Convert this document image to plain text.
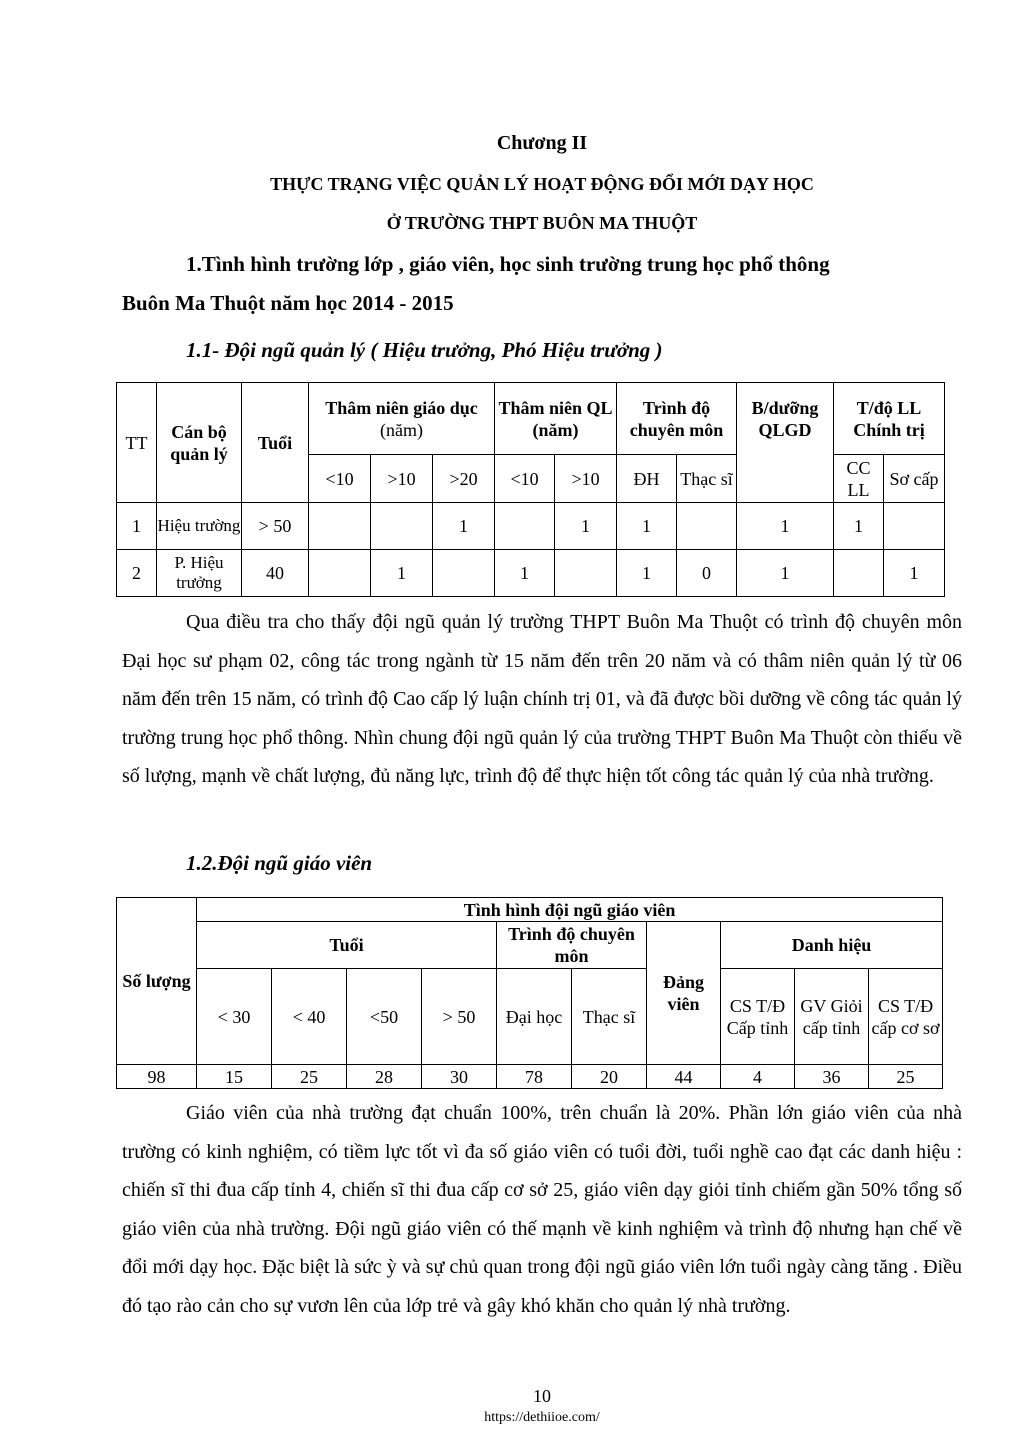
Chương II
THỰC TRẠNG VIỆC QUẢN LÝ HOẠT ĐỘNG ĐỔI MỚI DẠY HỌC
Ở TRƯỜNG THPT BUÔN MA THUỘT
1.Tình hình trường lớp , giáo viên, học sinh trường trung học phổ thông
Buôn Ma Thuột năm học 2014 - 2015
1.1- Đội ngũ quản lý ( Hiệu trưởng, Phó Hiệu trưởng )
TT	Cán bộ quản lý	Tuổi	Thâm niên giáo dục (năm)			Thâm niên QL (năm)		Trình độ chuyên môn		B/dưỡng QLGD	T/độ LL Chính trị	
			<10	>10	>20	<10	>10	ĐH	Thạc sĩ		CC LL	Sơ cấp
1	Hiệu trường	> 50			1		1	1		1	1	
2	P. Hiệu trưởng	40		1		1		1	0	1		1
Qua điều tra cho thấy đội ngũ quản lý trường THPT Buôn Ma Thuột có trình độ chuyên môn Đại học sư phạm 02, công tác trong ngành từ 15 năm đến trên 20 năm và có thâm niên quản lý từ 06 năm đến trên 15 năm, có trình độ Cao cấp lý luận chính trị 01, và đã được bồi dưỡng về công tác quản lý trường trung học phổ thông. Nhìn chung đội ngũ quản lý của trường THPT Buôn Ma Thuột còn thiếu về số lượng, mạnh về chất lượng, đủ năng lực, trình độ để thực hiện tốt công tác quản lý của nhà trường.
1.2.Đội ngũ giáo viên
Số lượng	Tình hình đội ngũ giáo viên									
	Tuổi				Trình độ chuyên môn		Đảng viên	Danh hiệu		
	< 30	< 40	<50	> 50	Đại học	Thạc sĩ		CS T/Đ Cấp tỉnh	GV Giỏi cấp tỉnh	CS T/Đ cấp cơ sơ
98	15	25	28	30	78	20	44	4	36	25
Giáo viên của nhà trường đạt chuẩn 100%, trên chuẩn là 20%. Phần lớn giáo viên của nhà trường có kinh nghiệm, có tiềm lực tốt vì đa số giáo viên có tuổi đời, tuổi nghề cao đạt các danh hiệu : chiến sĩ thi đua cấp tỉnh 4, chiến sĩ thi đua cấp cơ sở 25, giáo viên dạy giỏi tỉnh chiếm gần 50% tổng số giáo viên của nhà trường. Đội ngũ giáo viên có thế mạnh về kinh nghiệm và trình độ nhưng hạn chế về đổi mới dạy học. Đặc biệt là sức ỳ và sự chủ quan trong đội ngũ giáo viên lớn tuổi ngày càng tăng . Điều đó tạo rào cản cho sự vươn lên của lớp trẻ và gây khó khăn cho quản lý nhà trường.
10
https://dethiioe.com/
